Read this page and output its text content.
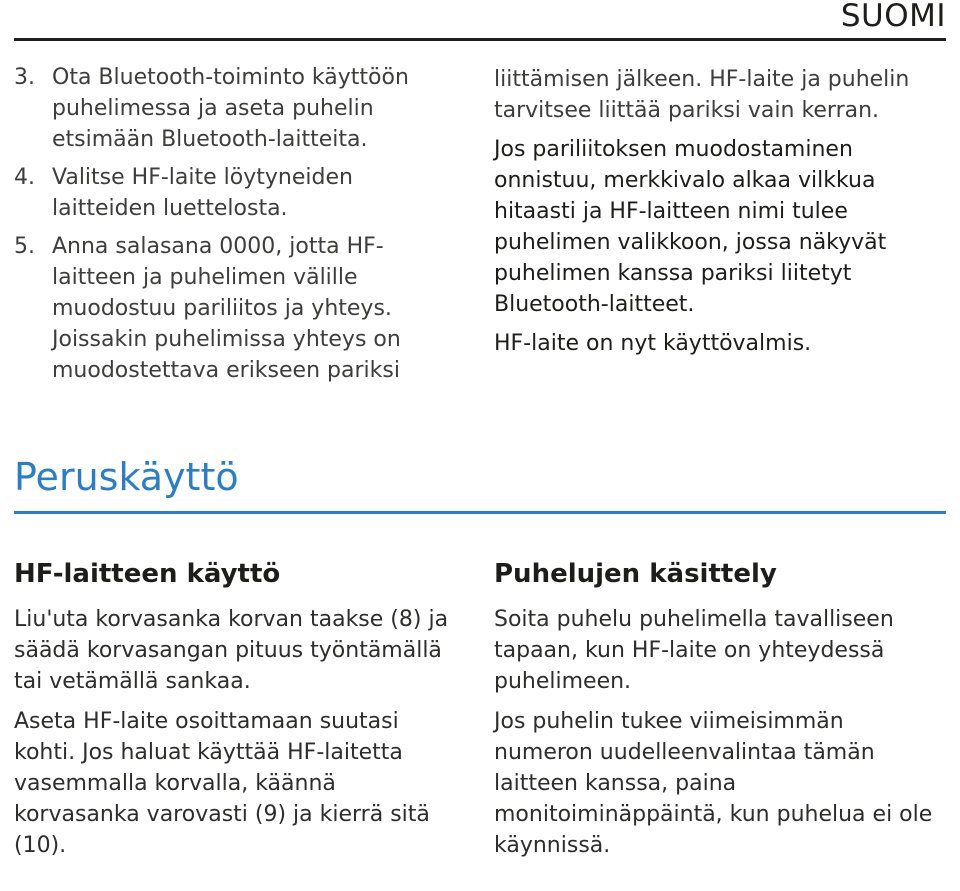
SUOMI
3. Ota Bluetooth-toiminto käyttöön puhelimessa ja aseta puhelin etsimään Bluetooth-laitteita.
4. Valitse HF-laite löytyneiden laitteiden luettelosta.
5. Anna salasana 0000, jotta HF-laitteen ja puhelimen välille muodostuu pariliitos ja yhteys. Joissakin puhelimissa yhteys on muodostettava erikseen pariksi

liittämisen jälkeen. HF-laite ja puhelin tarvitsee liittää pariksi vain kerran.

Jos pariliitoksen muodostaminen onnistuu, merkkivalo alkaa vilkkua hitaasti ja HF-laitteen nimi tulee puhelimen valikkoon, jossa näkyvät puhelimen kanssa pariksi liitetyt Bluetooth-laitteet.

HF-laite on nyt käyttövalmis.

Peruskäyttö
HF-laitteen käyttö

Liu'uta korvasanka korvan taakse (8) ja säädä korvasangan pituus työntämällä tai vetämällä sankaa.

Aseta HF-laite osoittamaan suutasi kohti. Jos haluat käyttää HF-laitetta vasemmalla korvalla, käännä korvasanka varovasti (9) ja kierrä sitä (10).

Puhelujen käsittely

Soita puhelu puhelimella tavalliseen tapaan, kun HF-laite on yhteydessä puhelimeen.

Jos puhelin tukee viimeisimmän numeron uudelleenvalintaa tämän laitteen kanssa, paina monitoiminäppäintä, kun puhelua ei ole käynnissä.
